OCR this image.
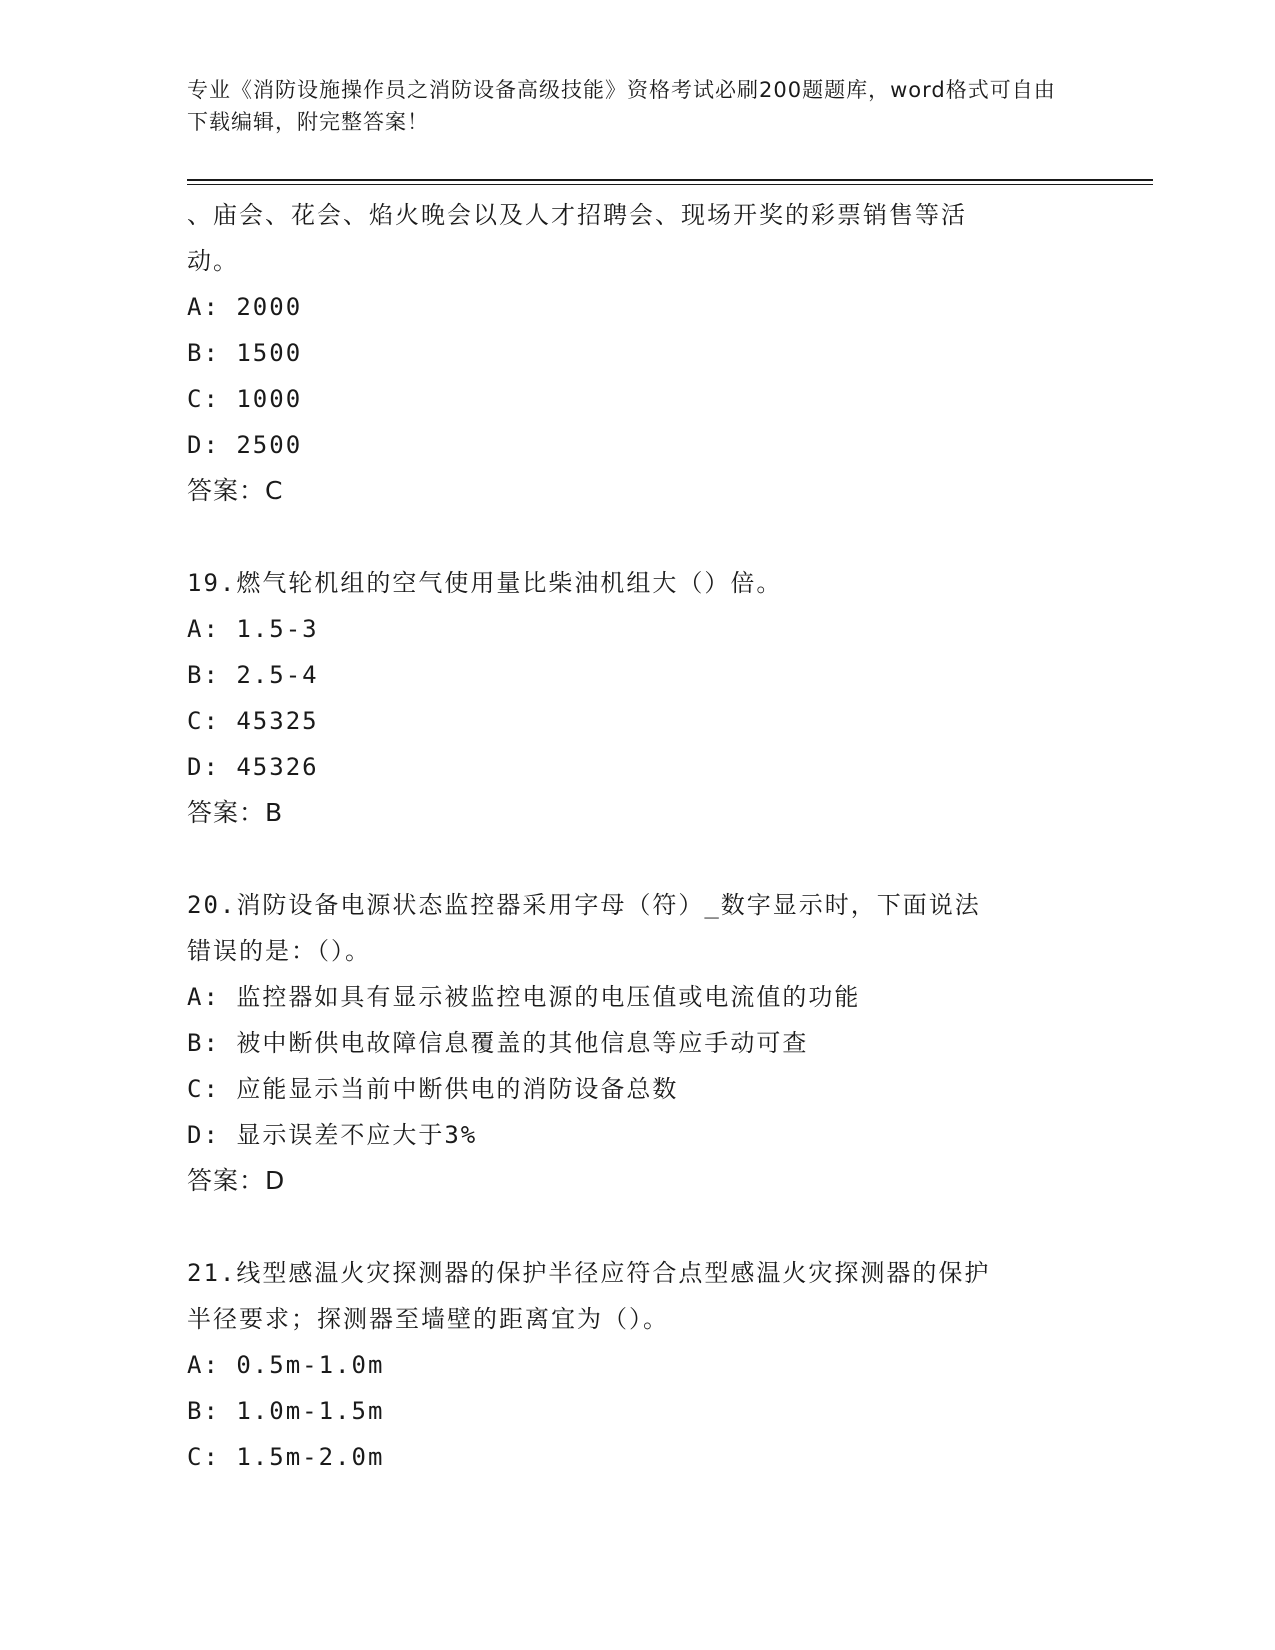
专业《消防设施操作员之消防设备高级技能》资格考试必刷200题题库，word格式可自由下载编辑，附完整答案！
、庙会、花会、焰火晚会以及人才招聘会、现场开奖的彩票销售等活
动。
A: 2000
B: 1500
C: 1000
D: 2500
答案：C
19.燃气轮机组的空气使用量比柴油机组大（）倍。
A: 1.5-3
B: 2.5-4
C: 45325
D: 45326
答案：B
20.消防设备电源状态监控器采用字母（符）_数字显示时，下面说法
错误的是：（）。
A: 监控器如具有显示被监控电源的电压值或电流值的功能
B: 被中断供电故障信息覆盖的其他信息等应手动可查
C: 应能显示当前中断供电的消防设备总数
D: 显示误差不应大于3%
答案：D
21.线型感温火灾探测器的保护半径应符合点型感温火灾探测器的保护
半径要求；探测器至墙壁的距离宜为（）。
A: 0.5m-1.0m
B: 1.0m-1.5m
C: 1.5m-2.0m
